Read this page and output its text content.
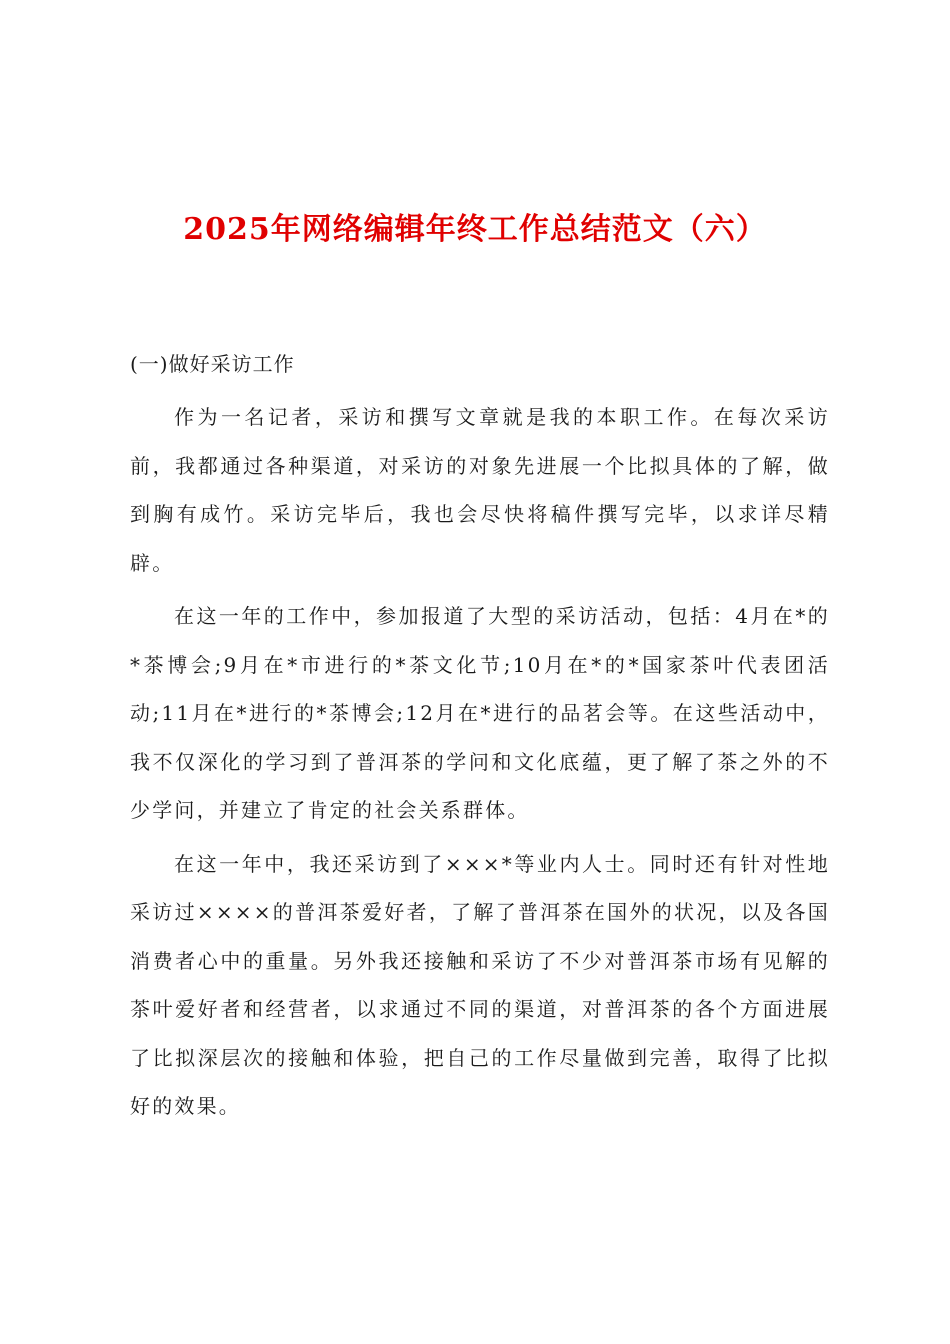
2025年网络编辑年终工作总结范文（六）
(一)做好采访工作

作为一名记者，采访和撰写文章就是我的本职工作。在每次采访前，我都通过各种渠道，对采访的对象先进展一个比拟具体的了解，做到胸有成竹。采访完毕后，我也会尽快将稿件撰写完毕，以求详尽精辟。

在这一年的工作中，参加报道了大型的采访活动，包括：4月在*的*茶博会;9月在*市进行的*茶文化节;10月在*的*国家茶叶代表团活动;11月在*进行的*茶博会;12月在*进行的品茗会等。在这些活动中，我不仅深化的学习到了普洱茶的学问和文化底蕴，更了解了茶之外的不少学问，并建立了肯定的社会关系群体。

在这一年中，我还采访到了×××*等业内人士。同时还有针对性地采访过××××的普洱茶爱好者，了解了普洱茶在国外的状况，以及各国消费者心中的重量。另外我还接触和采访了不少对普洱茶市场有见解的茶叶爱好者和经营者，以求通过不同的渠道，对普洱茶的各个方面进展了比拟深层次的接触和体验，把自己的工作尽量做到完善，取得了比拟好的效果。
